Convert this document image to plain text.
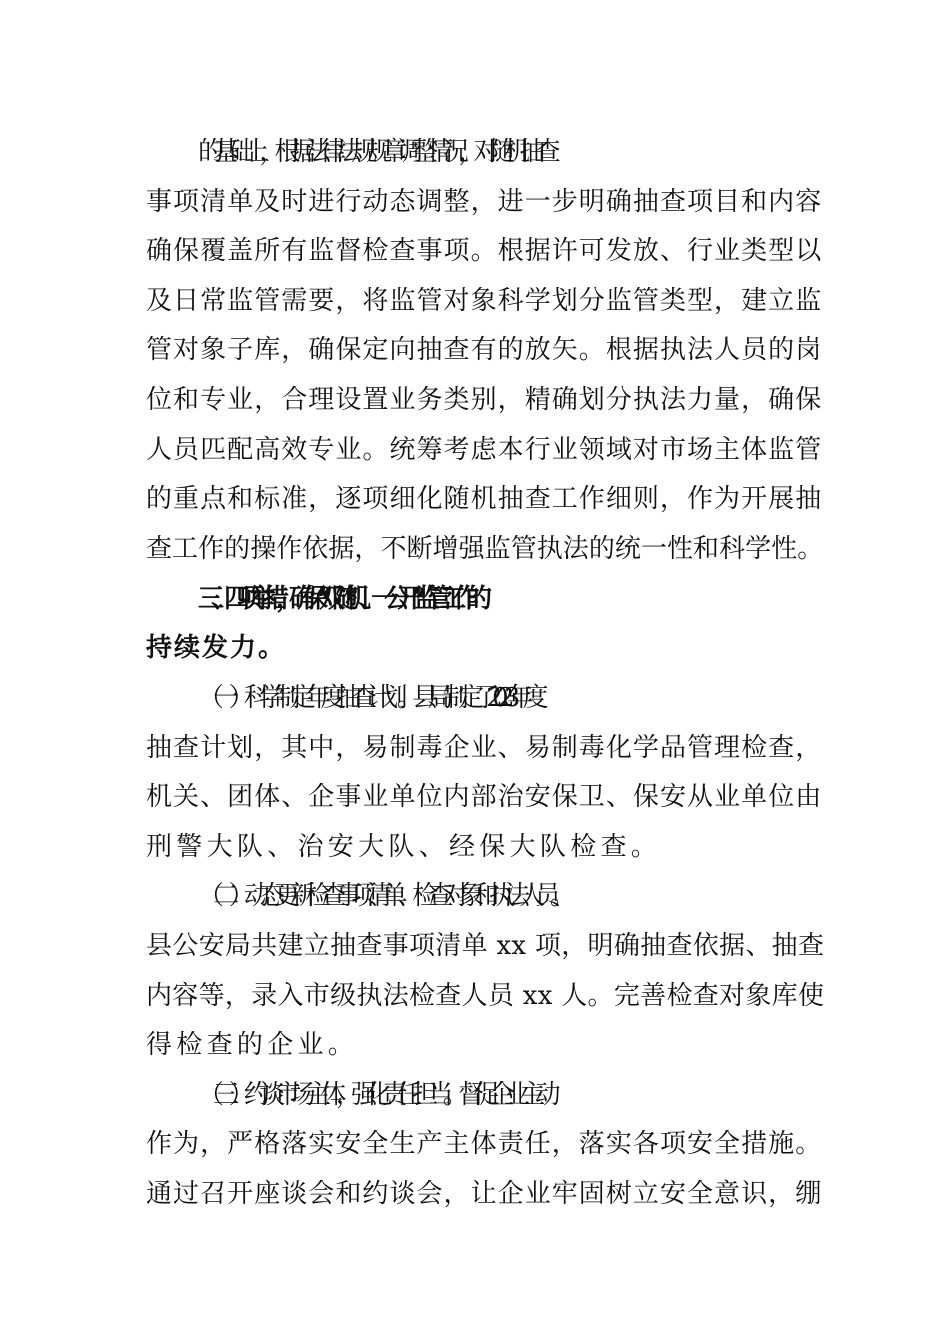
的基础上，根据法律法规规章调整情况，对随机抽查
事项清单及时进行动态调整，进一步明确抽查项目和内容
确保覆盖所有监督检查事项。根据许可发放、行业类型以
及日常监管需要，将监管对象科学划分监管类型，建立监
管对象子库，确保定向抽查有的放矢。根据执法人员的岗
位和专业，合理设置业务类别，精确划分执法力量，确保
人员匹配高效专业。统筹考虑本行业领域对市场主体监管
的重点和标准，逐项细化随机抽查工作细则，作为开展抽
查工作的操作依据，不断增强监管执法的统一性和科学性。
三、四项举措，确保“双随机、一公开”监管工作的
持续发力。
（一）科学制定年度抽查计划。县局制定了 2023 年度
抽查计划，其中，易制毒企业、易制毒化学品管理检查，
机关、团体、企事业单位内部治安保卫、保安从业单位由
刑警大队、治安大队、经保大队检查。
（二）动态更新检查事项清单、检查对象和执法人员。
县公安局共建立抽查事项清单 xx 项，明确抽查依据、抽查
内容等，录入市级执法检查人员 xx 人。完善检查对象库使
得检查的企业。
（三）约谈市场主体，强化责任担当。督促企业主动
作为，严格落实安全生产主体责任，落实各项安全措施。
通过召开座谈会和约谈会，让企业牢固树立安全意识，绷
